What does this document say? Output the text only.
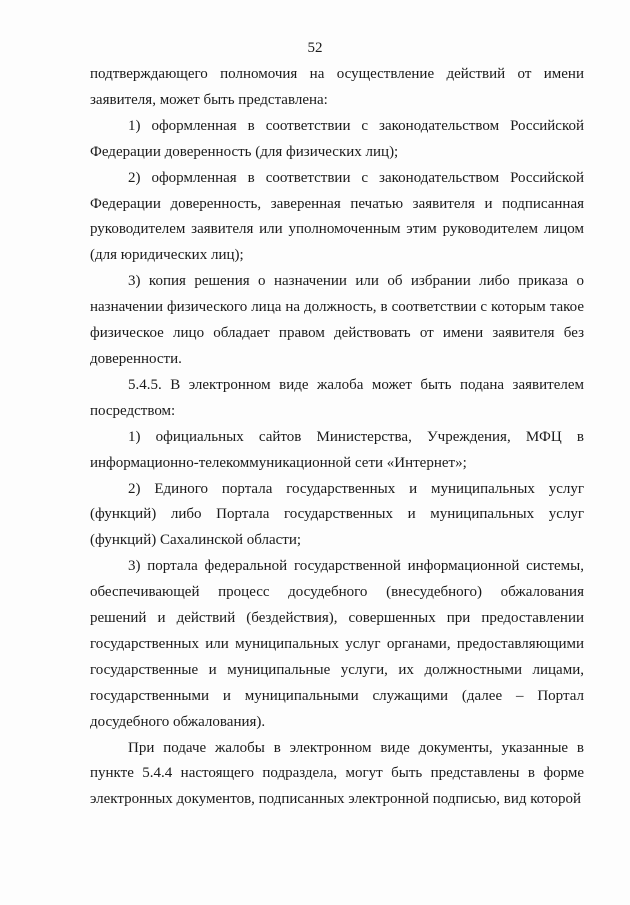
52

подтверждающего полномочия на осуществление действий от имени заявителя, может быть представлена:

1) оформленная в соответствии с законодательством Российской Федерации доверенность (для физических лиц);

2) оформленная в соответствии с законодательством Российской Федерации доверенность, заверенная печатью заявителя и подписанная руководителем заявителя или уполномоченным этим руководителем лицом (для юридических лиц);

3) копия решения о назначении или об избрании либо приказа о назначении физического лица на должность, в соответствии с которым такое физическое лицо обладает правом действовать от имени заявителя без доверенности.

5.4.5. В электронном виде жалоба может быть подана заявителем посредством:

1) официальных сайтов Министерства, Учреждения, МФЦ в информационно-телекоммуникационной сети «Интернет»;

2) Единого портала государственных и муниципальных услуг (функций) либо Портала государственных и муниципальных услуг (функций) Сахалинской области;

3) портала федеральной государственной информационной системы, обеспечивающей процесс досудебного (внесудебного) обжалования решений и действий (бездействия), совершенных при предоставлении государственных или муниципальных услуг органами, предоставляющими государственные и муниципальные услуги, их должностными лицами, государственными и муниципальными служащими (далее – Портал досудебного обжалования).

При подаче жалобы в электронном виде документы, указанные в пункте 5.4.4 настоящего подраздела, могут быть представлены в форме электронных документов, подписанных электронной подписью, вид которой
